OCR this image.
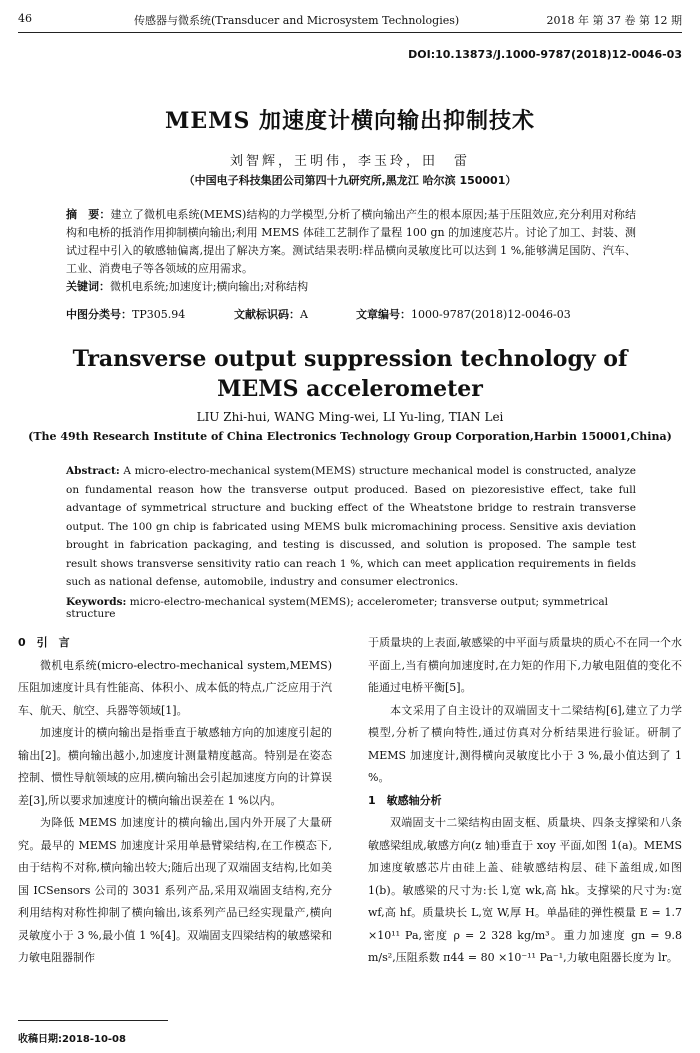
46	传感器与微系统(Transducer and Microsystem Technologies)	2018 年 第 37 卷 第 12 期
DOI:10.13873/J.1000-9787(2018)12-0046-03
MEMS 加速度计横向输出抑制技术
刘智辉，王明伟，李玉玲，田　雷
（中国电子科技集团公司第四十九研究所,黑龙江 哈尔滨 150001）
摘　要：建立了微机电系统(MEMS)结构的力学模型,分析了横向输出产生的根本原因;基于压阻效应,充分利用对称结构和电桥的抵消作用抑制横向输出;利用 MEMS 体硅工艺制作了量程 100 gn 的加速度芯片。讨论了加工、封装、测试过程中引入的敏感轴偏离,提出了解决方案。测试结果表明:样品横向灵敏度比可以达到 1 %,能够满足国防、汽车、工业、消费电子等各领域的应用需求。
关键词：微机电系统;加速度计;横向输出;对称结构
中图分类号：TP305.94	文献标识码：A	文章编号：1000-9787(2018)12-0046-03
Transverse output suppression technology of
MEMS accelerometer
LIU Zhi-hui, WANG Ming-wei, LI Yu-ling, TIAN Lei
(The 49th Research Institute of China Electronics Technology Group Corporation,Harbin 150001,China)
Abstract: A micro-electro-mechanical system(MEMS) structure mechanical model is constructed, analyze on fundamental reason how the transverse output produced. Based on piezoresistive effect, take full advantage of symmetrical structure and bucking effect of the Wheatstone bridge to restrain transverse output. The 100 gn chip is fabricated using MEMS bulk micromachining process. Sensitive axis deviation brought in fabrication packaging, and testing is discussed, and solution is proposed. The sample test result shows transverse sensitivity ratio can reach 1 %, which can meet application requirements in fields such as national defense, automobile, industry and consumer electronics.
Keywords: micro-electro-mechanical system(MEMS); accelerometer; transverse output; symmetrical structure

0　引　言

微机电系统(micro-electro-mechanical system,MEMS)压阻加速度计具有性能高、体积小、成本低的特点,广泛应用于汽车、航天、航空、兵器等领域[1]。

加速度计的横向输出是指垂直于敏感轴方向的加速度引起的输出[2]。横向输出越小,加速度计测量精度越高。特别是在姿态控制、惯性导航领域的应用,横向输出会引起加速度方向的计算误差[3],所以要求加速度计的横向输出误差在 1 %以内。

为降低 MEMS 加速度计的横向输出,国内外开展了大量研究。最早的 MEMS 加速度计采用单悬臂梁结构,在工作模态下,由于结构不对称,横向输出较大;随后出现了双端固支结构,比如美国 ICSensors 公司的 3031 系列产品,采用双端固支结构,充分利用结构对称性抑制了横向输出,该系列产品已经实现量产,横向灵敏度小于 3 %,最小值 1 %[4]。双端固支四梁结构的敏感梁和力敏电阻器制作

于质量块的上表面,敏感梁的中平面与质量块的质心不在同一个水平面上,当有横向加速度时,在力矩的作用下,力敏电阻值的变化不能通过电桥平衡[5]。

本文采用了自主设计的双端固支十二梁结构[6],建立了力学模型,分析了横向特性,通过仿真对分析结果进行验证。研制了 MEMS 加速度计,测得横向灵敏度比小于 3 %,最小值达到了 1 %。

1　敏感轴分析

双端固支十二梁结构由固支框、质量块、四条支撑梁和八条敏感梁组成,敏感方向(z 轴)垂直于 xoy 平面,如图 1(a)。MEMS 加速度敏感芯片由硅上盖、硅敏感结构层、硅下盖组成,如图 1(b)。敏感梁的尺寸为:长 l,宽 wk,高 hk。支撑梁的尺寸为:宽 wf,高 hf。质量块长 L,宽 W,厚 H。单晶硅的弹性模量 E = 1.7 ×10¹¹ Pa,密度 ρ = 2 328 kg/m³。重力加速度 gn = 9.8 m/s²,压阻系数 π44 = 80 ×10⁻¹¹ Pa⁻¹,力敏电阻器长度为 lr。

收稿日期:2018-10-08
